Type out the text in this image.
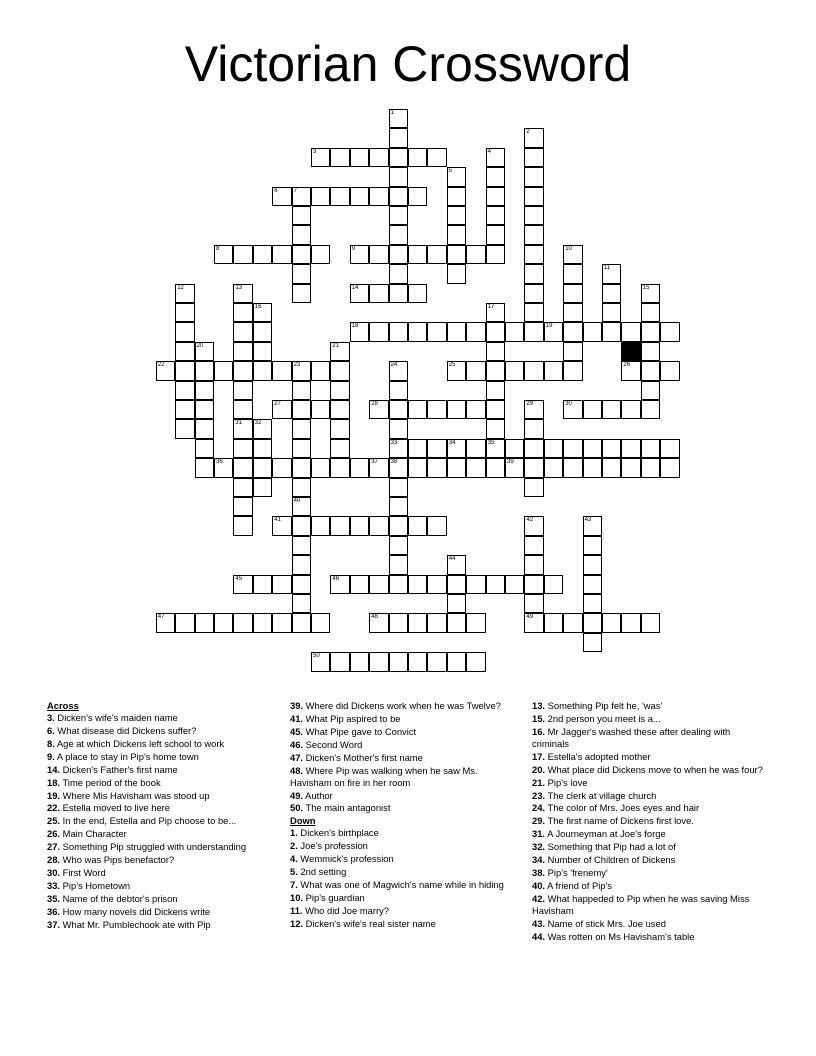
Victorian Crossword
1
2
3	4
5
6	7
8	9	10
11
12	13	14	15
16	17
35
18	19
20	21
22	23	24
33
25	26
27	28	29	30
31 32
34
36	37 38	39
40
41	42
49
43
44
45	46
47	48
50
Across
3. Dicken's wife's maiden name
6. What disease did Dickens suffer?
8. Age at which Dickens left school to work
9. A place to stay in Pip's home town
14. Dicken's Father's first name
18. Time period of the book
19. Where Mis Havisham was stood up
22. Estella moved to live here
25. In the end, Estella and Pip choose to be...
26. Main Character
27. Something Pip struggled with understanding
28. Who was Pips benefactor?
30. First Word
33. Pip's Hometown
35. Name of the debtor's prison
36. How many novels did Dickens write
37. What Mr. Pumblechook ate with Pip
39. Where did Dickens work when he was Twelve?
41. What Pip aspired to be
45. What Pipe gave to Convict
46. Second Word
47. Dicken's Mother's first name
48. Where Pip was walking when he saw Ms. Havisham on fire in her room
49. Author
50. The main antagonist
Down
1. Dicken's birthplace
2. Joe's profession
4. Wemmick's profession
5. 2nd setting
7. What was one of Magwich's name while in hiding
10. Pip's guardian
11. Who did Joe marry?
12. Dicken's wife's real sister name
13. Something Pip felt he, 'was'
15. 2nd person you meet is a...
16. Mr Jagger's washed these after dealing with criminals
17. Estella's adopted mother
20. What place did Dickens move to when he was four?
21. Pip's love
23. The clerk at village church
24. The color of Mrs. Joes eyes and hair
29. The first name of Dickens first love.
31. A Journeyman at Joe's forge
32. Something that Pip had a lot of
34. Number of Children of Dickens
38. Pip's 'frenemy'
40. A friend of Pip's
42. What happeded to Pip when he was saving Miss Havisham
43. Name of stick Mrs. Joe used
44. Was rotten on Ms Havisham's table
